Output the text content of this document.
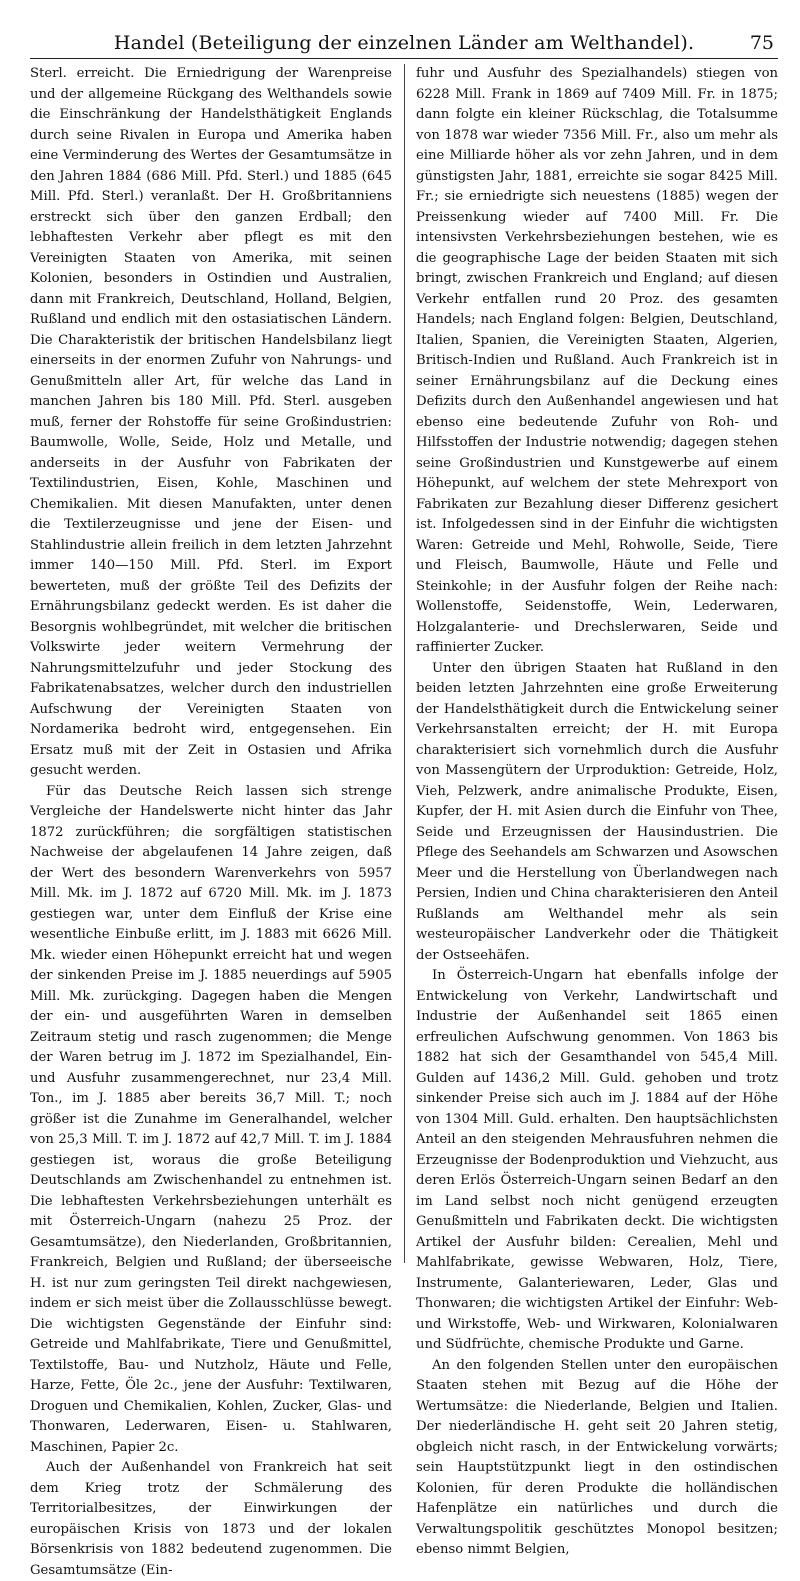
Handel (Beteiligung der einzelnen Länder am Welthandel).	75

Sterl. erreicht. Die Erniedrigung der Warenpreise und der allgemeine Rückgang des Welthandels sowie die Einschränkung der Handelsthätigkeit Englands durch seine Rivalen in Europa und Amerika haben eine Verminderung des Wertes der Gesamtumsätze in den Jahren 1884 (686 Mill. Pfd. Sterl.) und 1885 (645 Mill. Pfd. Sterl.) veranlaßt. Der H. Großbritanniens erstreckt sich über den ganzen Erdball; den lebhaftesten Verkehr aber pflegt es mit den Vereinigten Staaten von Amerika, mit seinen Kolonien, besonders in Ostindien und Australien, dann mit Frankreich, Deutschland, Holland, Belgien, Rußland und endlich mit den ostasiatischen Ländern. Die Charakteristik der britischen Handelsbilanz liegt einerseits in der enormen Zufuhr von Nahrungs- und Genußmitteln aller Art, für welche das Land in manchen Jahren bis 180 Mill. Pfd. Sterl. ausgeben muß, ferner der Rohstoffe für seine Großindustrien: Baumwolle, Wolle, Seide, Holz und Metalle, und anderseits in der Ausfuhr von Fabrikaten der Textilindustrien, Eisen, Kohle, Maschinen und Chemikalien. Mit diesen Manufakten, unter denen die Textilerzeugnisse und jene der Eisen- und Stahlindustrie allein freilich in dem letzten Jahrzehnt immer 140—150 Mill. Pfd. Sterl. im Export bewerteten, muß der größte Teil des Defizits der Ernährungsbilanz gedeckt werden. Es ist daher die Besorgnis wohlbegründet, mit welcher die britischen Volkswirte jeder weitern Vermehrung der Nahrungsmittelzufuhr und jeder Stockung des Fabrikatenabsatzes, welcher durch den industriellen Aufschwung der Vereinigten Staaten von Nordamerika bedroht wird, entgegensehen. Ein Ersatz muß mit der Zeit in Ostasien und Afrika gesucht werden.

Für das Deutsche Reich lassen sich strenge Vergleiche der Handelswerte nicht hinter das Jahr 1872 zurückführen; die sorgfältigen statistischen Nachweise der abgelaufenen 14 Jahre zeigen, daß der Wert des besondern Warenverkehrs von 5957 Mill. Mk. im J. 1872 auf 6720 Mill. Mk. im J. 1873 gestiegen war, unter dem Einfluß der Krise eine wesentliche Einbuße erlitt, im J. 1883 mit 6626 Mill. Mk. wieder einen Höhepunkt erreicht hat und wegen der sinkenden Preise im J. 1885 neuerdings auf 5905 Mill. Mk. zurückging. Dagegen haben die Mengen der ein- und ausgeführten Waren in demselben Zeitraum stetig und rasch zugenommen; die Menge der Waren betrug im J. 1872 im Spezialhandel, Ein- und Ausfuhr zusammengerechnet, nur 23,4 Mill. Ton., im J. 1885 aber bereits 36,7 Mill. T.; noch größer ist die Zunahme im Generalhandel, welcher von 25,3 Mill. T. im J. 1872 auf 42,7 Mill. T. im J. 1884 gestiegen ist, woraus die große Beteiligung Deutschlands am Zwischenhandel zu entnehmen ist. Die lebhaftesten Verkehrsbeziehungen unterhält es mit Österreich-Ungarn (nahezu 25 Proz. der Gesamtumsätze), den Niederlanden, Großbritannien, Frankreich, Belgien und Rußland; der überseeische H. ist nur zum geringsten Teil direkt nachgewiesen, indem er sich meist über die Zollausschlüsse bewegt. Die wichtigsten Gegenstände der Einfuhr sind: Getreide und Mahlfabrikate, Tiere und Genußmittel, Textilstoffe, Bau- und Nutzholz, Häute und Felle, Harze, Fette, Öle 2c., jene der Ausfuhr: Textilwaren, Droguen und Chemikalien, Kohlen, Zucker, Glas- und Thonwaren, Lederwaren, Eisen- u. Stahlwaren, Maschinen, Papier 2c.

Auch der Außenhandel von Frankreich hat seit dem Krieg trotz der Schmälerung des Territorialbesitzes, der Einwirkungen der europäischen Krisis von 1873 und der lokalen Börsenkrisis von 1882 bedeutend zugenommen. Die Gesamtumsätze (Ein-

fuhr und Ausfuhr des Spezialhandels) stiegen von 6228 Mill. Frank in 1869 auf 7409 Mill. Fr. in 1875; dann folgte ein kleiner Rückschlag, die Totalsumme von 1878 war wieder 7356 Mill. Fr., also um mehr als eine Milliarde höher als vor zehn Jahren, und in dem günstigsten Jahr, 1881, erreichte sie sogar 8425 Mill. Fr.; sie erniedrigte sich neuestens (1885) wegen der Preissenkung wieder auf 7400 Mill. Fr. Die intensivsten Verkehrsbeziehungen bestehen, wie es die geographische Lage der beiden Staaten mit sich bringt, zwischen Frankreich und England; auf diesen Verkehr entfallen rund 20 Proz. des gesamten Handels; nach England folgen: Belgien, Deutschland, Italien, Spanien, die Vereinigten Staaten, Algerien, Britisch-Indien und Rußland. Auch Frankreich ist in seiner Ernährungsbilanz auf die Deckung eines Defizits durch den Außenhandel angewiesen und hat ebenso eine bedeutende Zufuhr von Roh- und Hilfsstoffen der Industrie notwendig; dagegen stehen seine Großindustrien und Kunstgewerbe auf einem Höhepunkt, auf welchem der stete Mehrexport von Fabrikaten zur Bezahlung dieser Differenz gesichert ist. Infolgedessen sind in der Einfuhr die wichtigsten Waren: Getreide und Mehl, Rohwolle, Seide, Tiere und Fleisch, Baumwolle, Häute und Felle und Steinkohle; in der Ausfuhr folgen der Reihe nach: Wollenstoffe, Seidenstoffe, Wein, Lederwaren, Holzgalanterie- und Drechslerwaren, Seide und raffinierter Zucker.

Unter den übrigen Staaten hat Rußland in den beiden letzten Jahrzehnten eine große Erweiterung der Handelsthätigkeit durch die Entwickelung seiner Verkehrsanstalten erreicht; der H. mit Europa charakterisiert sich vornehmlich durch die Ausfuhr von Massengütern der Urproduktion: Getreide, Holz, Vieh, Pelzwerk, andre animalische Produkte, Eisen, Kupfer, der H. mit Asien durch die Einfuhr von Thee, Seide und Erzeugnissen der Hausindustrien. Die Pflege des Seehandels am Schwarzen und Asowschen Meer und die Herstellung von Überlandwegen nach Persien, Indien und China charakterisieren den Anteil Rußlands am Welthandel mehr als sein westeuropäischer Landverkehr oder die Thätigkeit der Ostseehäfen.

In Österreich-Ungarn hat ebenfalls infolge der Entwickelung von Verkehr, Landwirtschaft und Industrie der Außenhandel seit 1865 einen erfreulichen Aufschwung genommen. Von 1863 bis 1882 hat sich der Gesamthandel von 545,4 Mill. Gulden auf 1436,2 Mill. Guld. gehoben und trotz sinkender Preise sich auch im J. 1884 auf der Höhe von 1304 Mill. Guld. erhalten. Den hauptsächlichsten Anteil an den steigenden Mehrausfuhren nehmen die Erzeugnisse der Bodenproduktion und Viehzucht, aus deren Erlös Österreich-Ungarn seinen Bedarf an den im Land selbst noch nicht genügend erzeugten Genußmitteln und Fabrikaten deckt. Die wichtigsten Artikel der Ausfuhr bilden: Cerealien, Mehl und Mahlfabrikate, gewisse Webwaren, Holz, Tiere, Instrumente, Galanteriewaren, Leder, Glas und Thonwaren; die wichtigsten Artikel der Einfuhr: Web- und Wirkstoffe, Web- und Wirkwaren, Kolonialwaren und Südfrüchte, chemische Produkte und Garne.

An den folgenden Stellen unter den europäischen Staaten stehen mit Bezug auf die Höhe der Wertumsätze: die Niederlande, Belgien und Italien. Der niederländische H. geht seit 20 Jahren stetig, obgleich nicht rasch, in der Entwickelung vorwärts; sein Hauptstützpunkt liegt in den ostindischen Kolonien, für deren Produkte die holländischen Hafenplätze ein natürliches und durch die Verwaltungspolitik geschütztes Monopol besitzen; ebenso nimmt Belgien,
